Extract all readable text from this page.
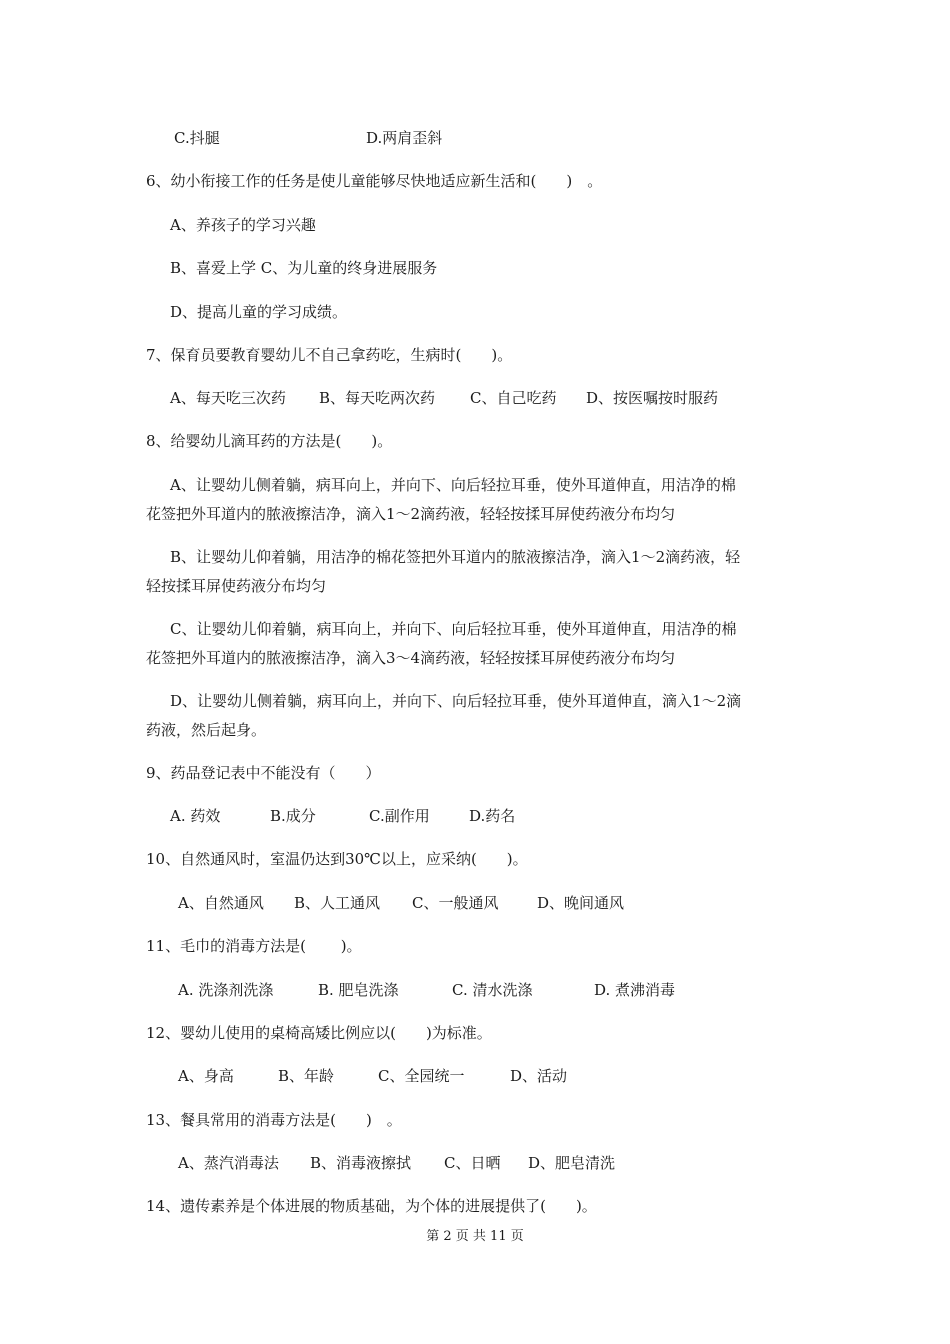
C.抖腿	D.两肩歪斜
6、幼小衔接工作的任务是使儿童能够尽快地适应新生活和(　　)　。
A、养孩子的学习兴趣
B、喜爱上学 C、为儿童的终身进展服务
D、提高儿童的学习成绩。
7、保育员要教育婴幼儿不自己拿药吃，生病时(　　)。
A、每天吃三次药 B、每天吃两次药 C、自己吃药 D、按医嘱按时服药
8、给婴幼儿滴耳药的方法是(　　)。
A、让婴幼儿侧着躺，病耳向上，并向下、向后轻拉耳垂，使外耳道伸直，用洁净的棉
花签把外耳道内的脓液擦洁净，滴入1～2滴药液，轻轻按揉耳屏使药液分布均匀
B、让婴幼儿仰着躺，用洁净的棉花签把外耳道内的脓液擦洁净，滴入1～2滴药液，轻
轻按揉耳屏使药液分布均匀
C、让婴幼儿仰着躺，病耳向上，并向下、向后轻拉耳垂，使外耳道伸直，用洁净的棉
花签把外耳道内的脓液擦洁净，滴入3～4滴药液，轻轻按揉耳屏使药液分布均匀
D、让婴幼儿侧着躺，病耳向上，并向下、向后轻拉耳垂，使外耳道伸直，滴入1～2滴
药液，然后起身。
9、药品登记表中不能没有（　　）
A. 药效	B.成分	C.副作用	D.药名
10、自然通风时，室温仍达到30℃以上，应采纳(　　)。
A、自然通风 B、人工通风 C、一般通风	D、晚间通风
11、毛巾的消毒方法是(　　 )。
A. 洗涤剂洗涤	B. 肥皂洗涤	C. 清水洗涤	D. 煮沸消毒
12、婴幼儿使用的桌椅高矮比例应以(　　)为标准。
A、身高	B、年龄	C、全园统一	D、活动
13、餐具常用的消毒方法是(　　)　。
A、蒸汽消毒法 B、消毒液擦拭 C、日晒 D、肥皂清洗
14、遗传素养是个体进展的物质基础，为个体的进展提供了(　　)。
第 2 页 共 11 页
